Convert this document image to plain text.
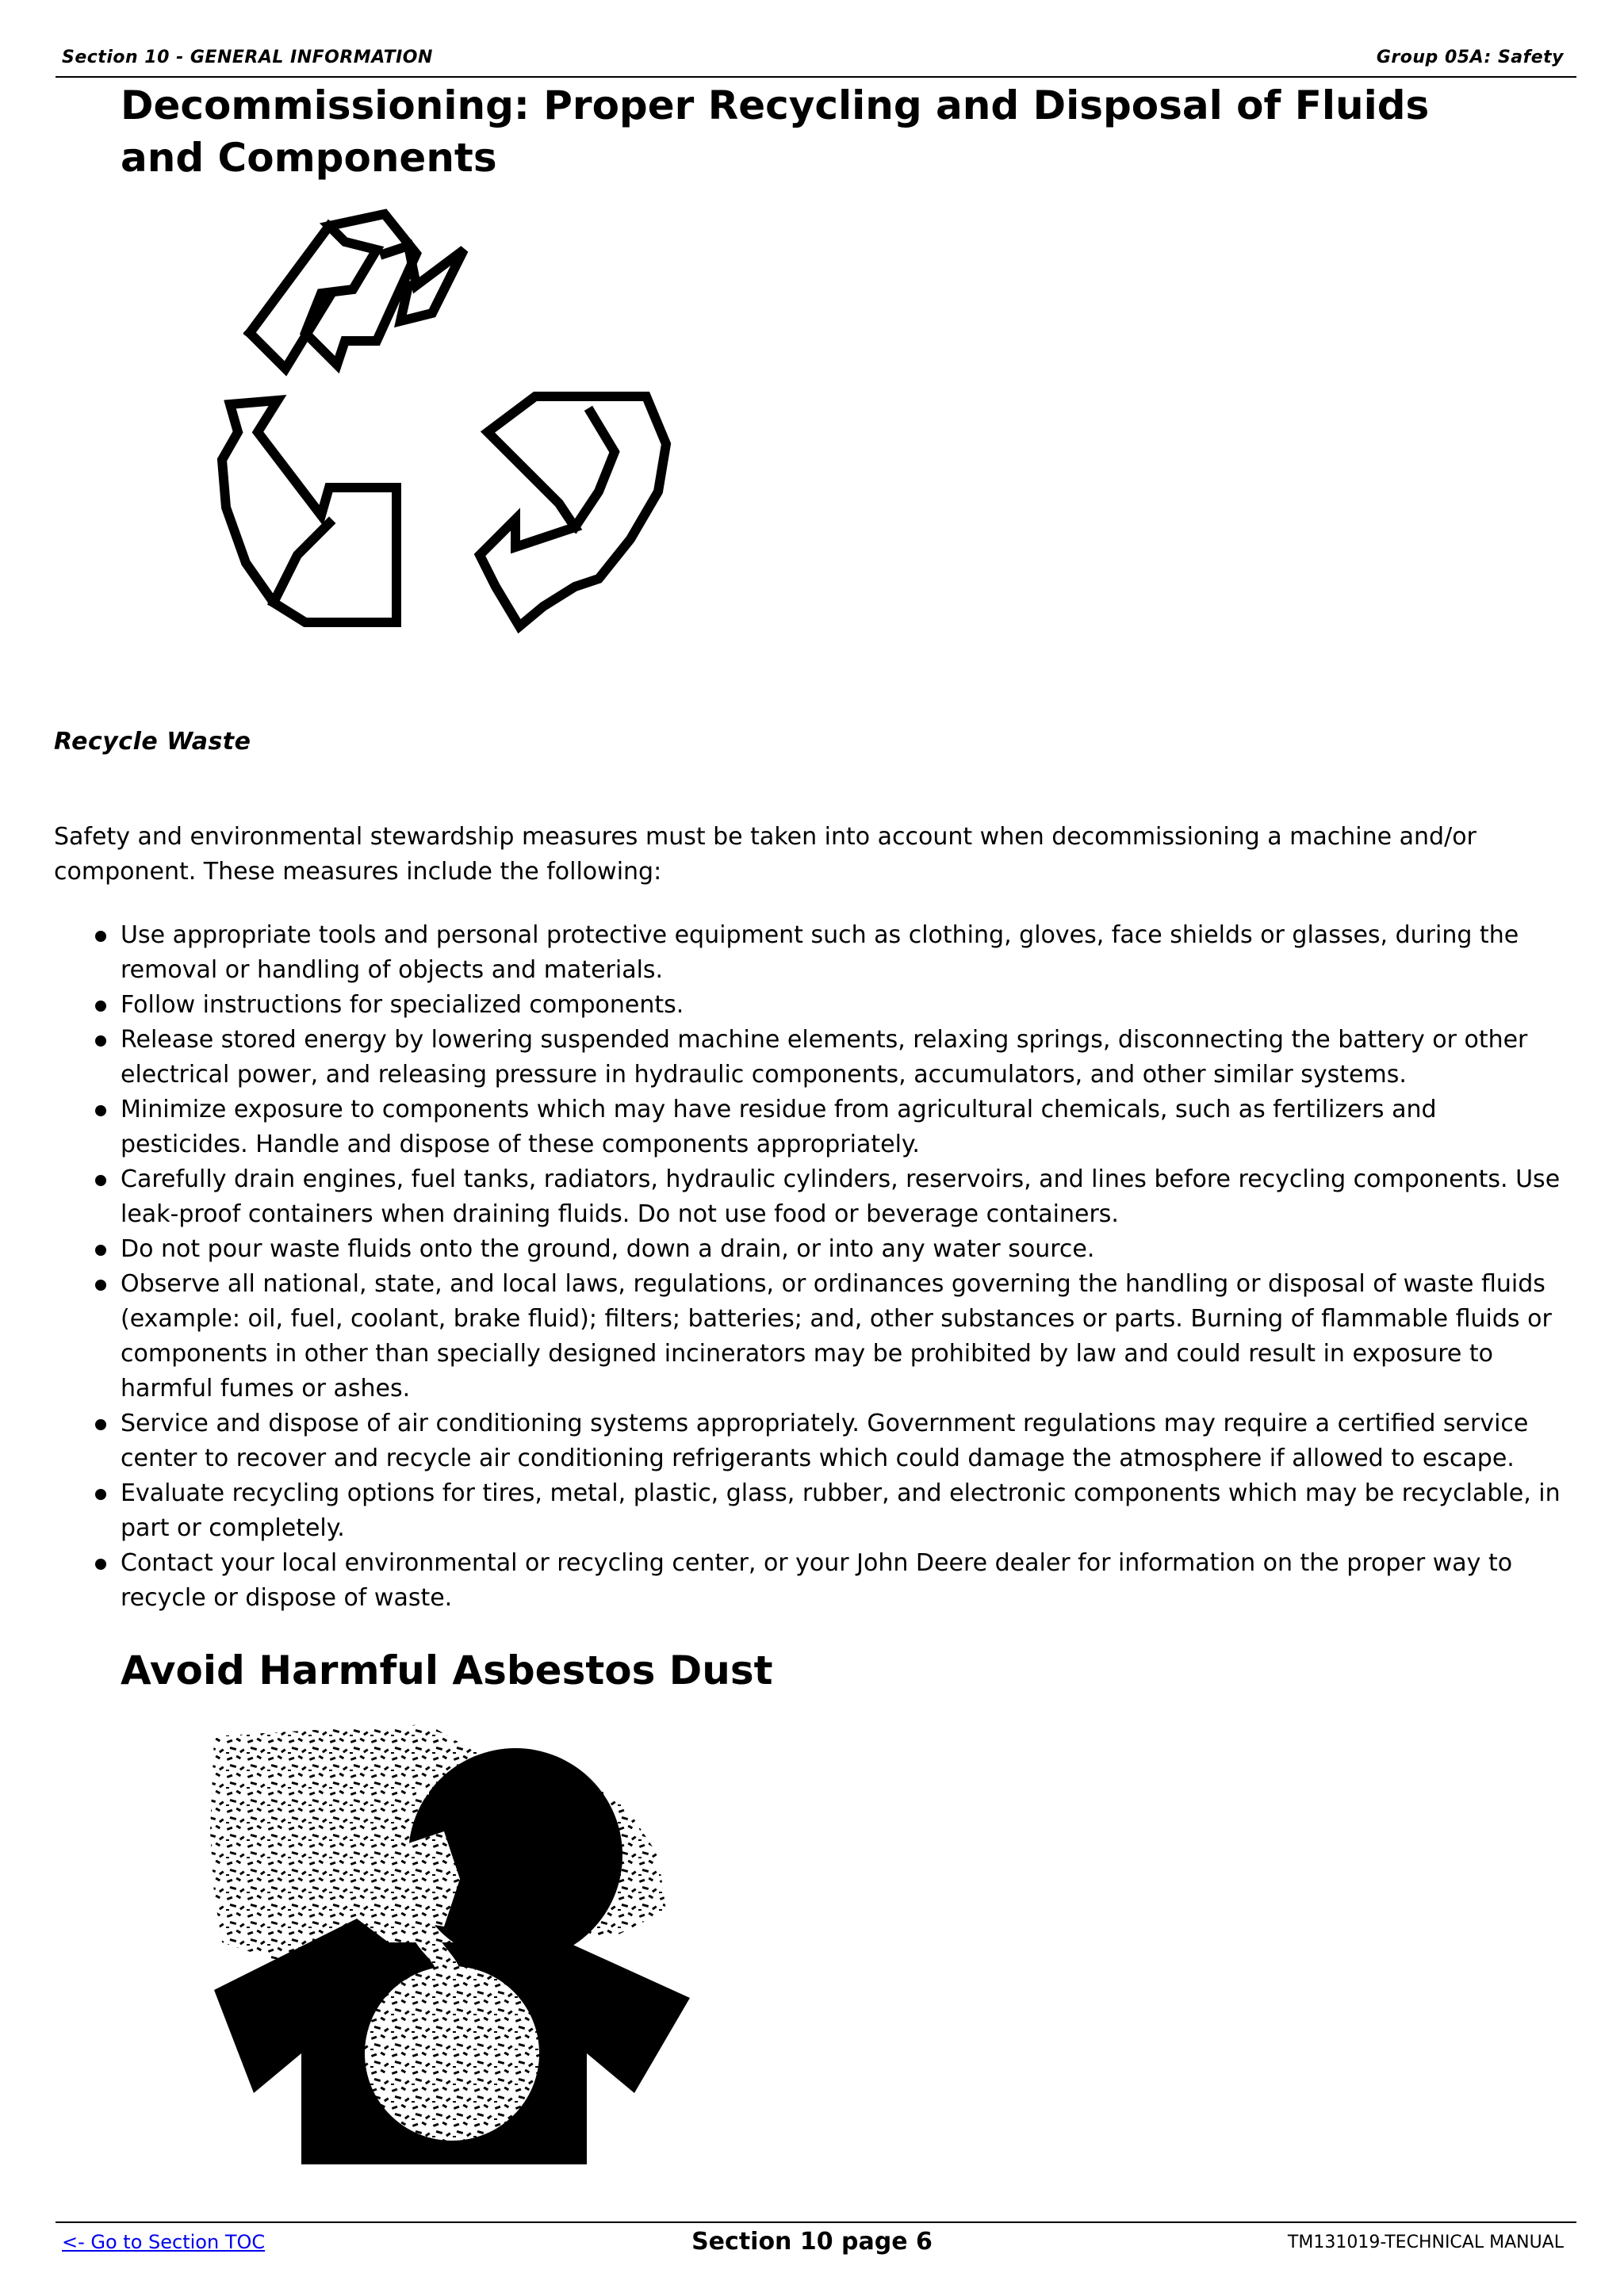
Section 10 - GENERAL INFORMATION	Group 05A: Safety
Decommissioning: Proper Recycling and Disposal of Fluids and Components
Recycle Waste
Safety and environmental stewardship measures must be taken into account when decommissioning a machine and/or component. These measures include the following:
Use appropriate tools and personal protective equipment such as clothing, gloves, face shields or glasses, during the removal or handling of objects and materials.
Follow instructions for specialized components.
Release stored energy by lowering suspended machine elements, relaxing springs, disconnecting the battery or other electrical power, and releasing pressure in hydraulic components, accumulators, and other similar systems.
Minimize exposure to components which may have residue from agricultural chemicals, such as fertilizers and pesticides. Handle and dispose of these components appropriately.
Carefully drain engines, fuel tanks, radiators, hydraulic cylinders, reservoirs, and lines before recycling components. Use leak-proof containers when draining fluids. Do not use food or beverage containers.
Do not pour waste fluids onto the ground, down a drain, or into any water source.
Observe all national, state, and local laws, regulations, or ordinances governing the handling or disposal of waste fluids (example: oil, fuel, coolant, brake fluid); filters; batteries; and, other substances or parts. Burning of flammable fluids or components in other than specially designed incinerators may be prohibited by law and could result in exposure to harmful fumes or ashes.
Service and dispose of air conditioning systems appropriately. Government regulations may require a certified service center to recover and recycle air conditioning refrigerants which could damage the atmosphere if allowed to escape.
Evaluate recycling options for tires, metal, plastic, glass, rubber, and electronic components which may be recyclable, in part or completely.
Contact your local environmental or recycling center, or your John Deere dealer for information on the proper way to recycle or dispose of waste.
Avoid Harmful Asbestos Dust
<- Go to Section TOC	Section 10 page 6	TM131019-TECHNICAL MANUAL
